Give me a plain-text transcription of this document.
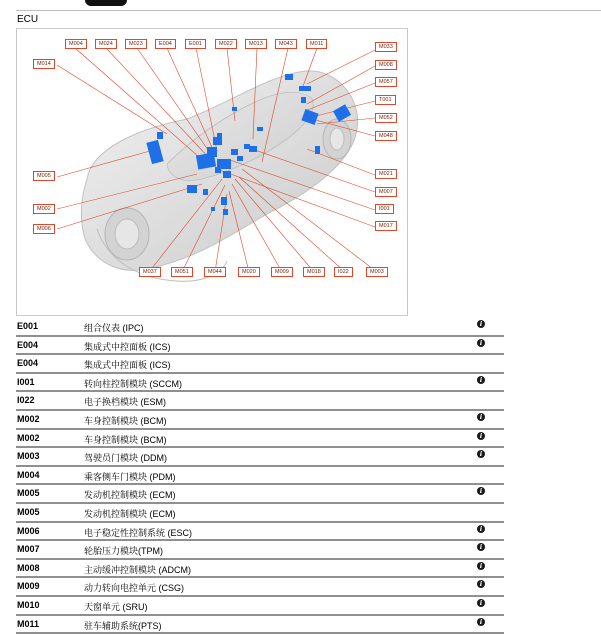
ECU
M004	M024	M023	E004	E001	M022	M013	M043	M011	M033
M008
M057
T001
M052
M048
M021
M007
I001
M017
M014
M005
M002
M006
M037	M051	M044	M020	M009	M018	I022	M003
E001	组合仪表 (IPC)	i
E004	集成式中控面板 (ICS)	i
E004	集成式中控面板 (ICS)
I001	转向柱控制模块 (SCCM)	i
I022	电子换档模块 (ESM)
M002	车身控制模块 (BCM)	i
M002	车身控制模块 (BCM)	i
M003	驾驶员门模块 (DDM)	i
M004	乘客侧车门模块 (PDM)
M005	发动机控制模块 (ECM)	i
M005	发动机控制模块 (ECM)
M006	电子稳定性控制系统 (ESC)	i
M007	轮胎压力模块(TPM)	i
M008	主动缓冲控制模块 (ADCM)	i
M009	动力转向电控单元 (CSG)	i
M010	天窗单元 (SRU)	i
M011	驻车辅助系统(PTS)	i
